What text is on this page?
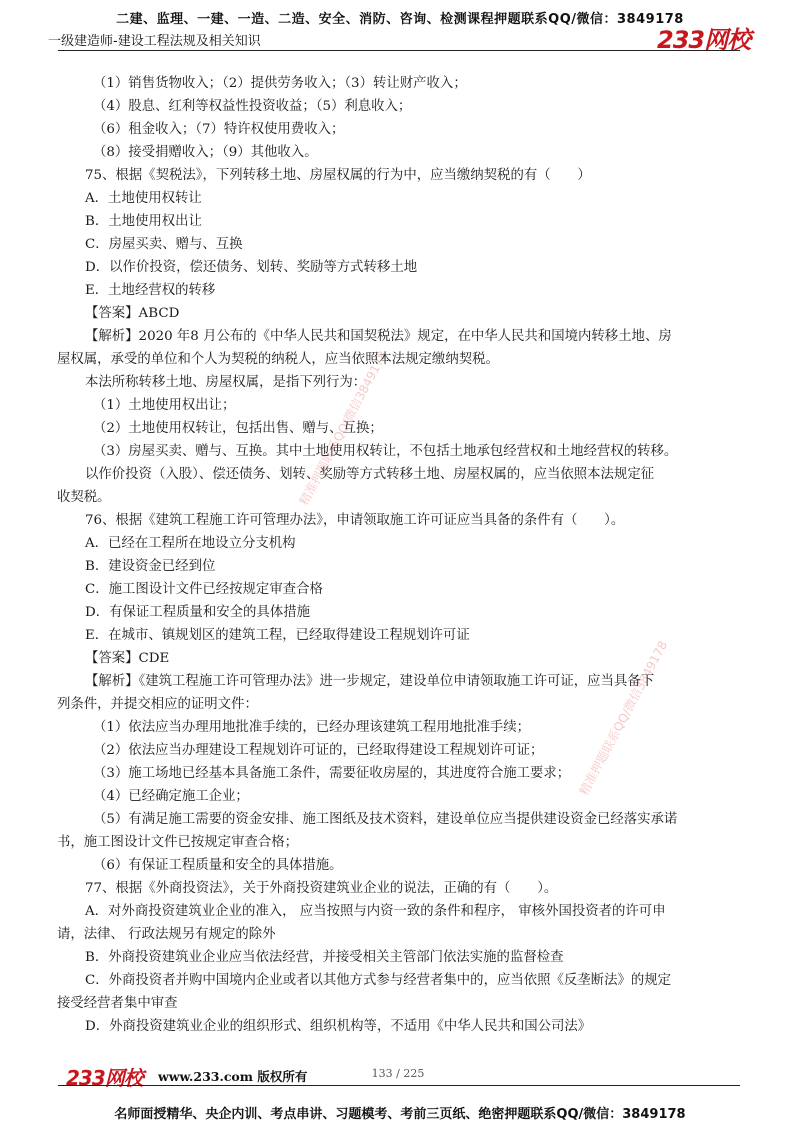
二建、监理、一建、一造、二造、安全、消防、咨询、检测课程押题联系QQ/微信：3849178
一级建造师-建设工程法规及相关知识	233网校
精准押题联系QQ/微信3849178
精准押题联系QQ/微信3849178
（1）销售货物收入；（2）提供劳务收入；（3）转让财产收入；
（4）股息、红利等权益性投资收益；（5）利息收入；
（6）租金收入；（7）特许权使用费收入；
（8）接受捐赠收入；（9）其他收入。
75、根据《契税法》，下列转移土地、房屋权属的行为中，应当缴纳契税的有（　　）
A．土地使用权转让
B．土地使用权出让
C．房屋买卖、赠与、互换
D．以作价投资，偿还债务、划转、奖励等方式转移土地
E．土地经营权的转移
【答案】ABCD
【解析】2020 年8 月公布的《中华人民共和国契税法》规定，在中华人民共和国境内转移土地、房
屋权属，承受的单位和个人为契税的纳税人，应当依照本法规定缴纳契税。
本法所称转移土地、房屋权属，是指下列行为：
（1）土地使用权出让；
（2）土地使用权转让，包括出售、赠与、互换；
（3）房屋买卖、赠与、互换。其中土地使用权转让，不包括土地承包经营权和土地经营权的转移。
以作价投资（入股）、偿还债务、划转、奖励等方式转移土地、房屋权属的，应当依照本法规定征
收契税。
76、根据《建筑工程施工许可管理办法》，申请领取施工许可证应当具备的条件有（　　）。
A．已经在工程所在地设立分支机构
B．建设资金已经到位
C．施工图设计文件已经按规定审查合格
D．有保证工程质量和安全的具体措施
E．在城市、镇规划区的建筑工程，已经取得建设工程规划许可证
【答案】CDE
【解析】《建筑工程施工许可管理办法》进一步规定，建设单位申请领取施工许可证，应当具备下
列条件，并提交相应的证明文件：
（1）依法应当办理用地批准手续的，已经办理该建筑工程用地批准手续；
（2）依法应当办理建设工程规划许可证的，已经取得建设工程规划许可证；
（3）施工场地已经基本具备施工条件，需要征收房屋的，其进度符合施工要求；
（4）已经确定施工企业；
（5）有满足施工需要的资金安排、施工图纸及技术资料，建设单位应当提供建设资金已经落实承诺
书，施工图设计文件已按规定审查合格；
（6）有保证工程质量和安全的具体措施。
77、根据《外商投资法》，关于外商投资建筑业企业的说法，正确的有（　　）。
A．对外商投资建筑业企业的准入， 应当按照与内资一致的条件和程序， 审核外国投资者的许可申
请，法律、 行政法规另有规定的除外
B．外商投资建筑业企业应当依法经营，并接受相关主管部门依法实施的监督检查
C．外商投资者并购中国境内企业或者以其他方式参与经营者集中的，应当依照《反垄断法》的规定
接受经营者集中审查
D．外商投资建筑业企业的组织形式、组织机构等，不适用《中华人民共和国公司法》
233网校 www.233.com 版权所有	133 / 225
名师面授精华、央企内训、考点串讲、习题模考、考前三页纸、绝密押题联系QQ/微信：3849178
